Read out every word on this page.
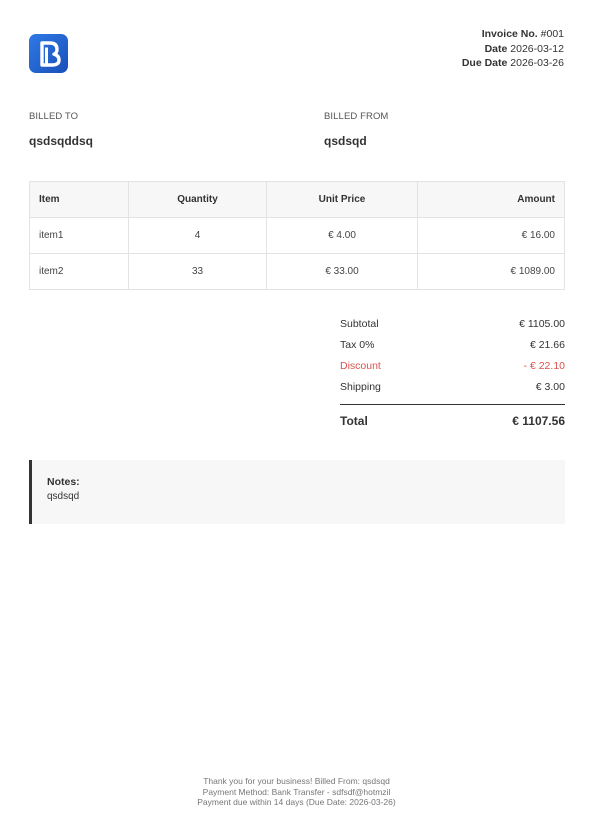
Invoice No. #001
Date 2026-03-12
Due Date 2026-03-26
BILLED TO
qsdsqddsq
BILLED FROM
qsdsqd
Item	Quantity	Unit Price	Amount
item1	4	€ 4.00	€ 16.00
item2	33	€ 33.00	€ 1089.00
Subtotal	€ 1105.00
Tax 0%	€ 21.66
Discount	- € 22.10
Shipping	€ 3.00
Total	€ 1107.56
Notes:
qsdsqd
Thank you for your business! Billed From: qsdsqd
Payment Method: Bank Transfer - sdfsdf@hotmzil
Payment due within 14 days (Due Date: 2026-03-26)
